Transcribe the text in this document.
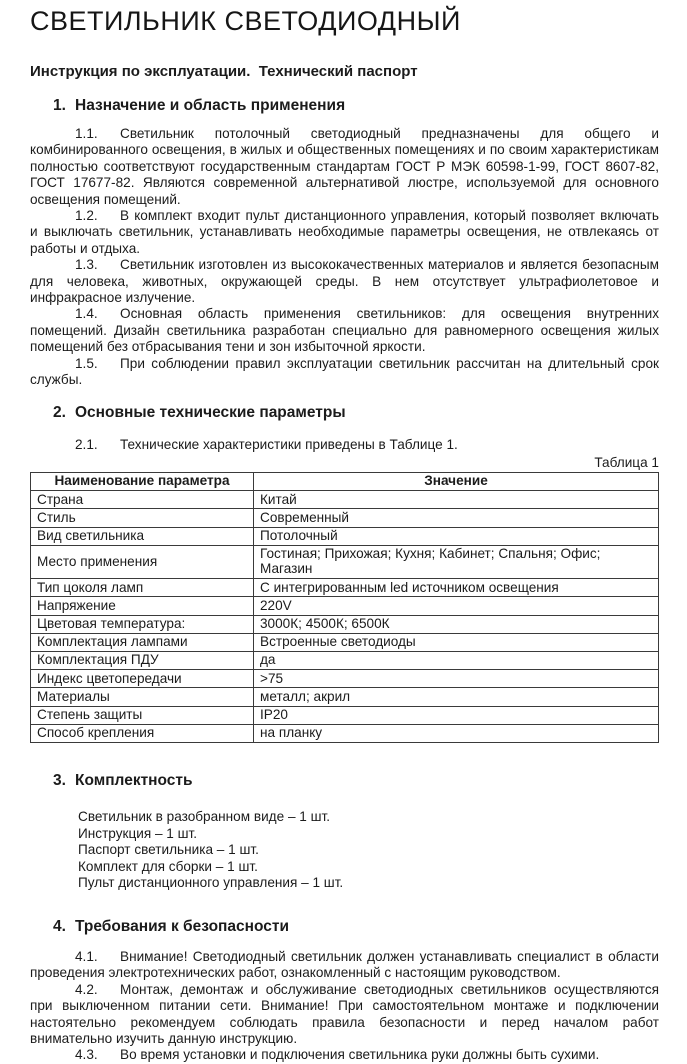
СВЕТИЛЬНИК СВЕТОДИОДНЫЙ
Инструкция по эксплуатации.  Технический паспорт
1. Назначение и область применения

1.1. Светильник потолочный светодиодный предназначены для общего и комбинированного освещения, в жилых и общественных помещениях и по своим характеристикам полностью соответствуют государственным стандартам ГОСТ Р МЭК 60598-1-99, ГОСТ 8607-82, ГОСТ 17677-82. Являются современной альтернативой люстре, используемой для основного освещения помещений.

1.2. В комплект входит пульт дистанционного управления, который позволяет включать и выключать светильник, устанавливать необходимые параметры освещения, не отвлекаясь от работы и отдыха.

1.3. Светильник изготовлен из высококачественных материалов и является безопасным для человека, животных, окружающей среды. В нем отсутствует ультрафиолетовое и инфракрасное излучение.

1.4. Основная область применения светильников: для освещения внутренних помещений. Дизайн светильника разработан специально для равномерного освещения жилых помещений без отбрасывания тени и зон избыточной яркости.

1.5. При соблюдении правил эксплуатации светильник рассчитан на длительный срок службы.

2. Основные технические параметры

2.1. Технические характеристики приведены в Таблице 1.

Таблица 1
Наименование параметра	Значение
Страна	Китай
Стиль	Современный
Вид светильника	Потолочный
Место применения	Гостиная; Прихожая; Кухня; Кабинет; Спальня; Офис; Магазин
Тип цоколя ламп	С интегрированным led источником освещения
Напряжение	220V
Цветовая температура:	3000К; 4500К; 6500К
Комплектация лампами	Встроенные светодиоды
Комплектация ПДУ	да
Индекс цветопередачи	>75
Материалы	металл; акрил
Степень защиты	IP20
Способ крепления	на планку
3. Комплектность
Светильник в разобранном виде – 1 шт.
Инструкция – 1 шт.
Паспорт светильника – 1 шт.
Комплект для сборки – 1 шт.
Пульт дистанционного управления – 1 шт.
4. Требования к безопасности

4.1. Внимание! Светодиодный светильник должен устанавливать специалист в области проведения электротехнических работ, ознакомленный с настоящим руководством.

4.2. Монтаж, демонтаж и обслуживание светодиодных светильников осуществляются при выключенном питании сети. Внимание! При самостоятельном монтаже и подключении настоятельно рекомендуем соблюдать правила безопасности и перед началом работ внимательно изучить данную инструкцию.

4.3. Во время установки и подключения светильника руки должны быть сухими.
